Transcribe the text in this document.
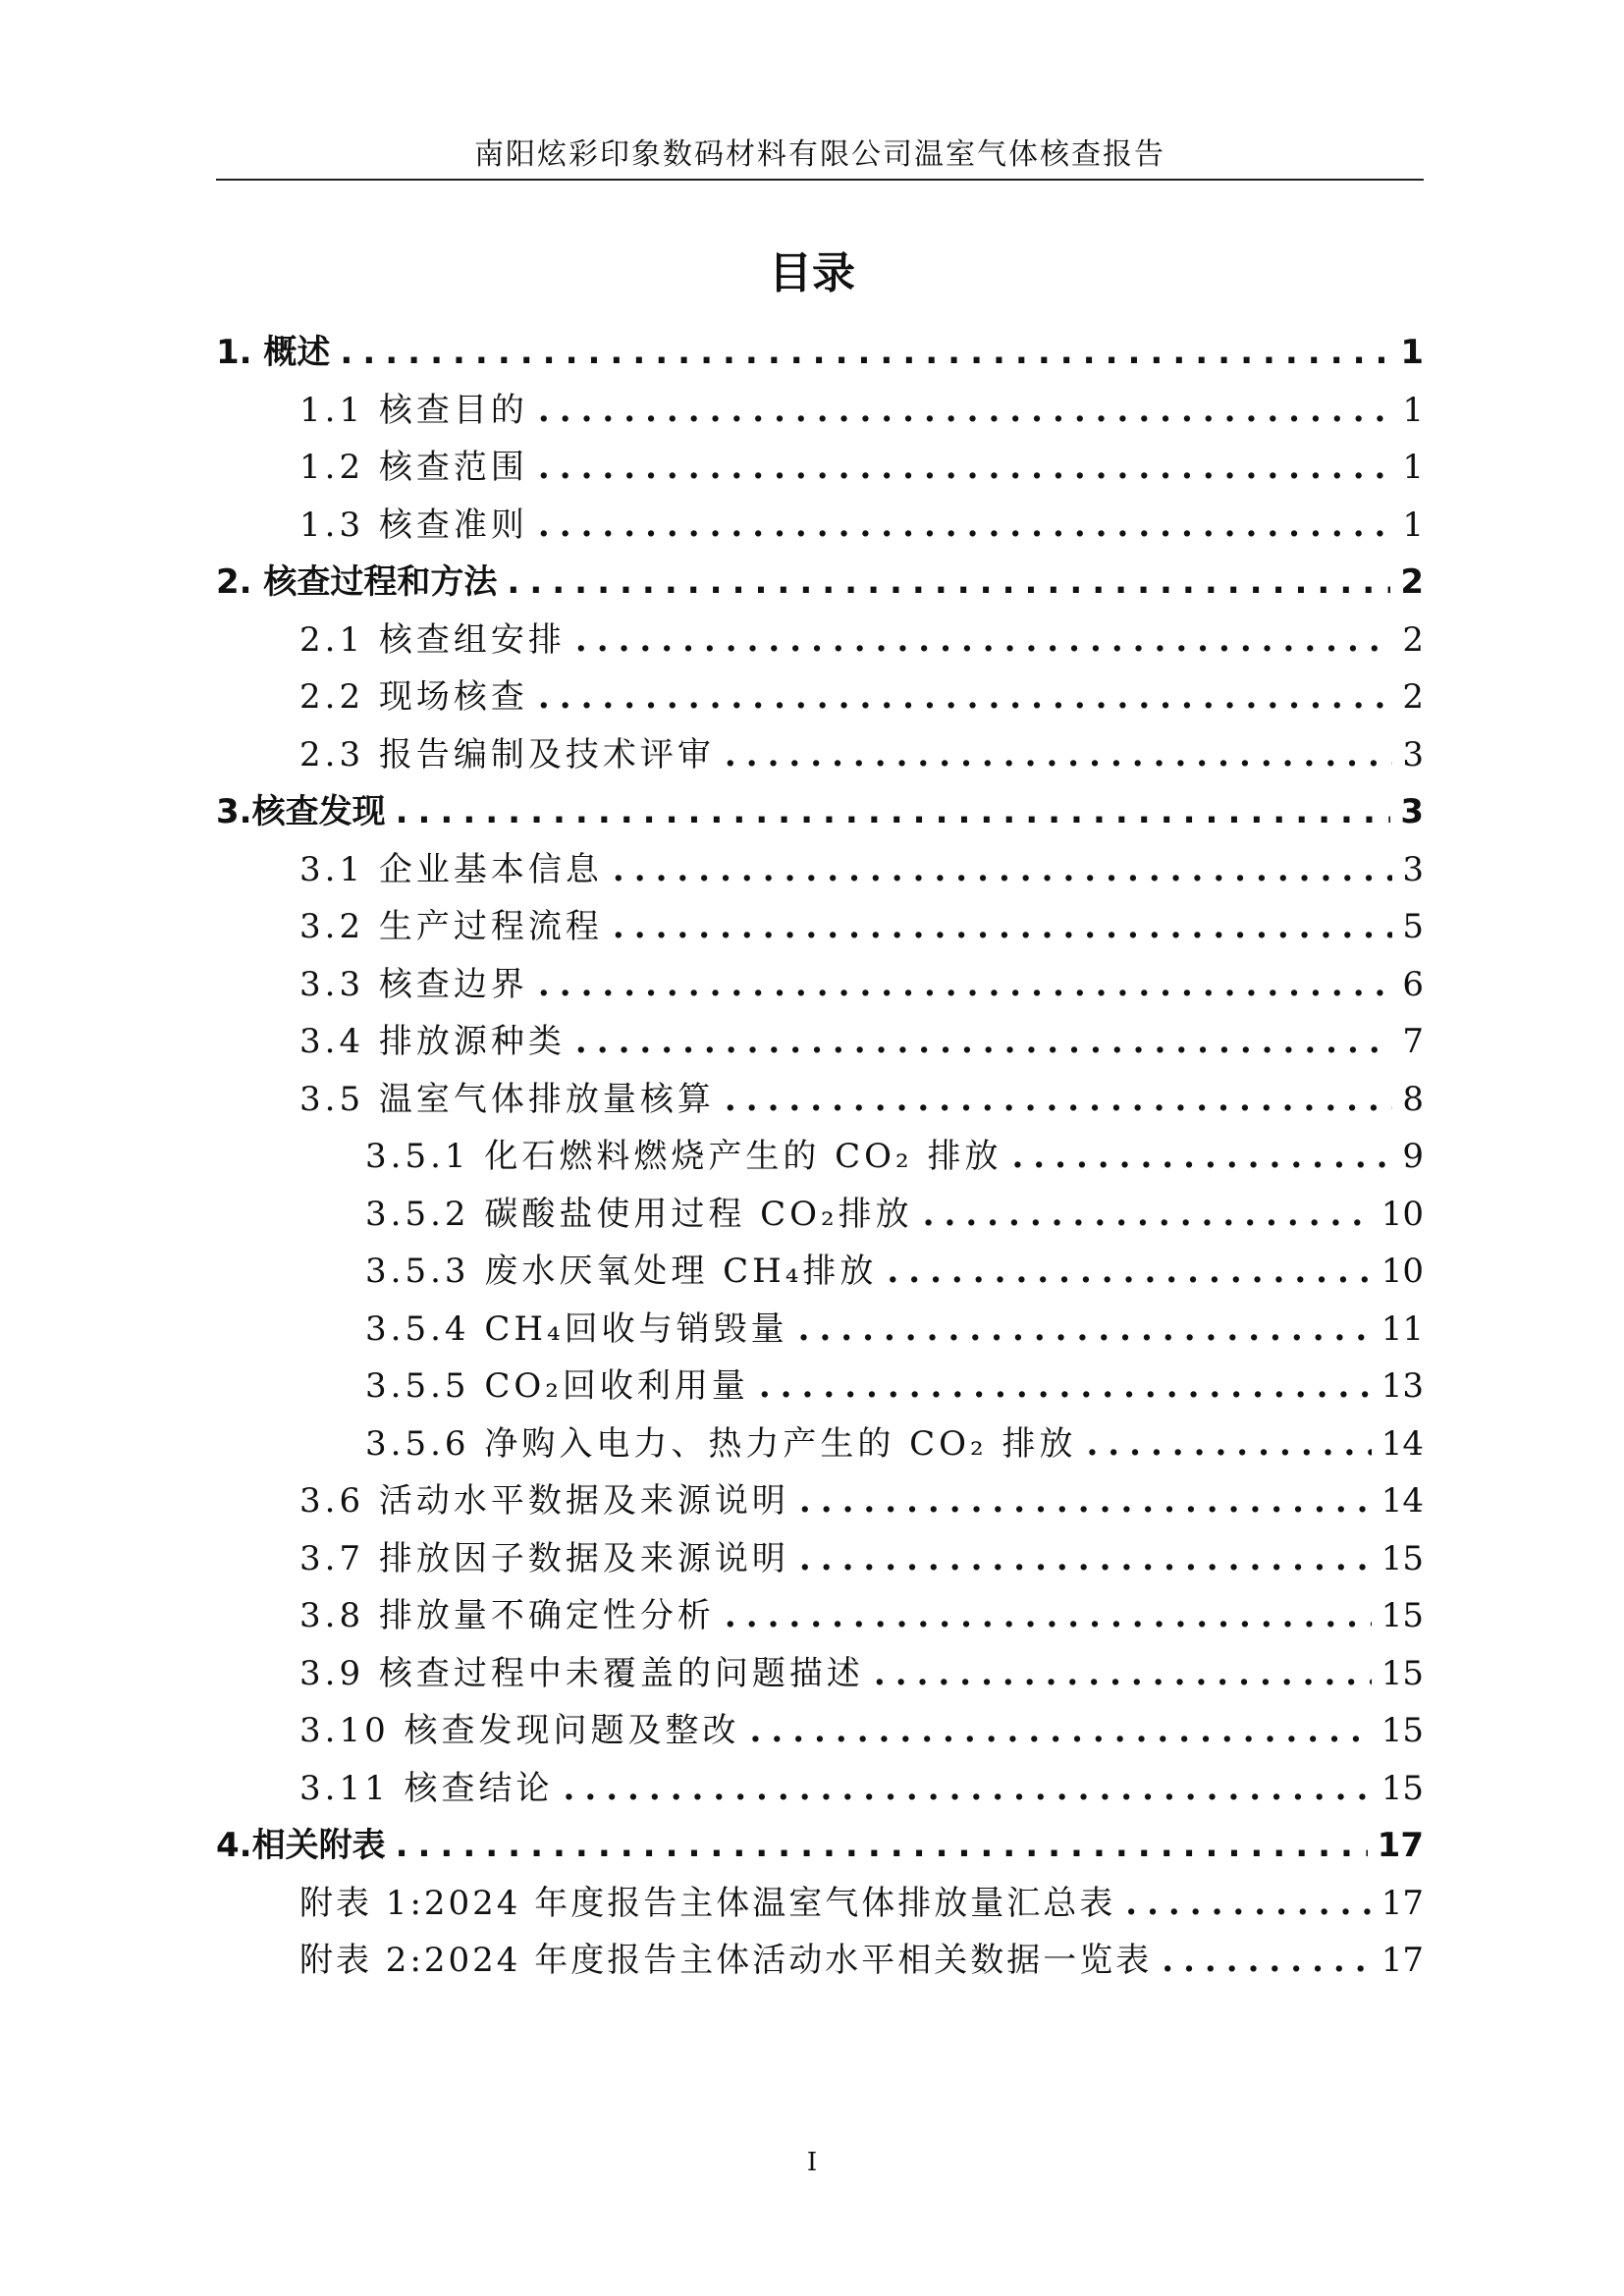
南阳炫彩印象数码材料有限公司温室气体核查报告
目录
1. 概述 .....	1
1.1 核查目的 .....	1
1.2 核查范围 .....	1
1.3 核查准则 .....	1
2. 核查过程和方法 .....	2
2.1 核查组安排 .....	2
2.2 现场核查 .....	2
2.3 报告编制及技术评审 .....	3
3.核查发现 .....	3
3.1 企业基本信息 .....	3
3.2 生产过程流程 .....	5
3.3 核查边界 .....	6
3.4 排放源种类 .....	7
3.5 温室气体排放量核算 .....	8
3.5.1 化石燃料燃烧产生的 CO₂ 排放 .....	9
3.5.2 碳酸盐使用过程 CO₂排放 .....	10
3.5.3 废水厌氧处理 CH₄排放 .....	10
3.5.4 CH₄回收与销毁量 .....	11
3.5.5 CO₂回收利用量 .....	13
3.5.6 净购入电力、热力产生的 CO₂ 排放 .....	14
3.6 活动水平数据及来源说明 .....	14
3.7 排放因子数据及来源说明 .....	15
3.8 排放量不确定性分析 .....	15
3.9 核查过程中未覆盖的问题描述 .....	15
3.10 核查发现问题及整改 .....	15
3.11 核查结论 .....	15
4.相关附表 .....	17
附表 1:2024 年度报告主体温室气体排放量汇总表 .....	17
附表 2:2024 年度报告主体活动水平相关数据一览表 .....	17
I
